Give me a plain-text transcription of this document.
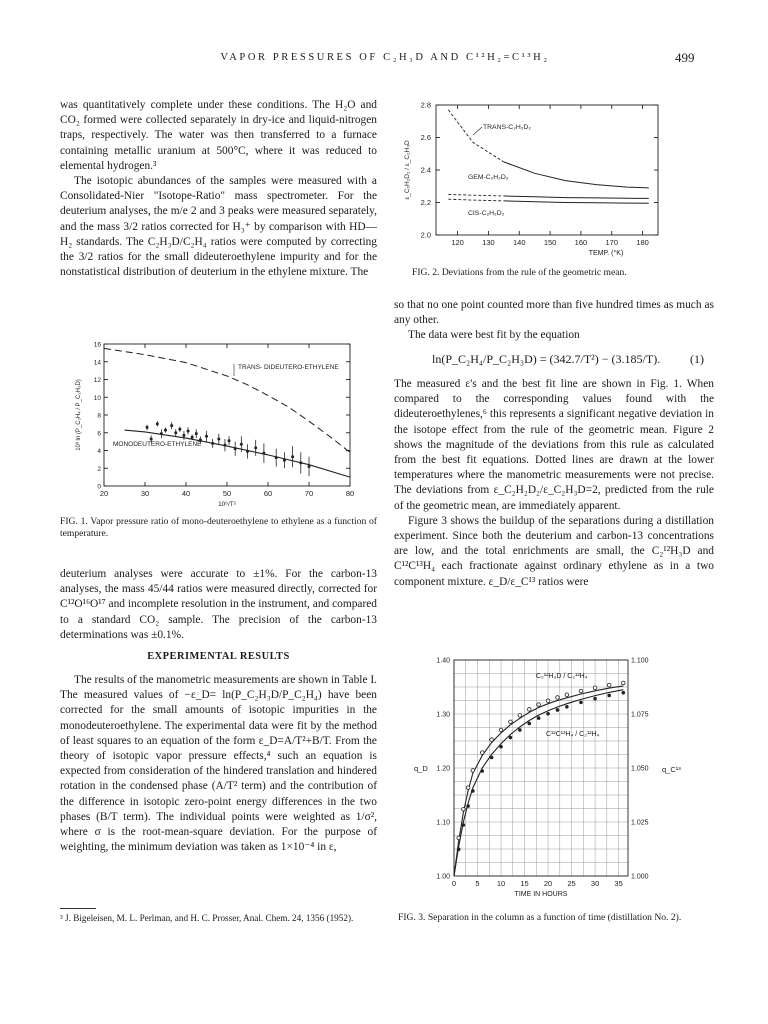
VAPOR PRESSURES OF C₂H₃D AND C¹²H₂=C¹³H₂	499

was quantitatively complete under these conditions. The H₂O and CO₂ formed were collected separately in dry-ice and liquid-nitrogen traps, respectively. The water was then transferred to a furnace containing metallic uranium at 500°C, where it was reduced to elemental hydrogen.³

The isotopic abundances of the samples were measured with a Consolidated-Nier "Isotope-Ratio" mass spectrometer. For the deuterium analyses, the m/e 2 and 3 peaks were measured separately, and the mass 3/2 ratios corrected for H₃⁺ by comparison with HD—H₂ standards. The C₂H₃D/C₂H₄ ratios were computed by correcting the 3/2 ratios for the small dideuteroethylene impurity and for the nonstatistical distribution of deuterium in the ethylene mixture. The

20	30	40	50	60	70	80
0
2
4
6
8
10
12
14
16
10⁶/T²
10³ ln (P_C₂H₄ / P_C₂H₃D)
TRANS- DIDEUTERO-ETHYLENE
MONODEUTERO-ETHYLENE
FIG. 1. Vapor pressure ratio of mono-deuteroethylene to ethylene as a function of temperature.

deuterium analyses were accurate to ±1%. For the carbon-13 analyses, the mass 45/44 ratios were measured directly, corrected for C¹²O¹⁶O¹⁷ and incomplete resolution in the instrument, and compared to a standard CO₂ sample. The precision of the carbon-13 determinations was ±0.1%.

EXPERIMENTAL RESULTS

The results of the manometric measurements are shown in Table I. The measured values of −ε_D= ln(P_C₂H₃D/P_C₂H₄) have been corrected for the small amounts of isotopic impurities in the monodeuteroethylene. The experimental data were fit by the method of least squares to an equation of the form ε_D=A/T²+B/T. From the theory of isotopic vapor pressure effects,⁴ such an equation is expected from consideration of the hindered translation and hindered rotation in the condensed phase (A/T² term) and the contribution of the difference in isotopic zero-point energy differences in the two phases (B/T term). The individual points were weighted as 1/σ², where σ is the root-mean-square deviation. For the purpose of weighting, the minimum deviation was taken as 1×10⁻⁴ in ε,

³ J. Bigeleisen, M. L. Perlman, and H. C. Prosser, Anal. Chem. 24, 1356 (1952).
120 130 140 150 160 170 180
2.0
2.2
2.4
2.6
2.8
TEMP. (°K)
ε_C₂H₂D₂ / ε_C₂H₃D
TRANS-C₂H₂D₂
GEM-C₂H₂D₂
CIS-C₂H₂D₂
FIG. 2. Deviations from the rule of the geometric mean.

so that no one point counted more than five hundred times as much as any other.

The data were best fit by the equation

ln(P_C₂H₄/P_C₂H₃D) = (342.7/T²) − (3.185/T). (1)

The measured ε's and the best fit line are shown in Fig. 1. When compared to the corresponding values found with the dideuteroethylenes,⁶ this represents a significant negative deviation in the isotope effect from the rule of the geometric mean. Figure 2 shows the magnitude of the deviations from this rule as calculated from the best fit equations. Dotted lines are drawn at the lower temperatures where the manometric measurements were not precise. The deviations from ε_C₂H₂D₂/ε_C₂H₃D=2, predicted from the rule of the geometric mean, are immediately apparent.

Figure 3 shows the buildup of the separations during a distillation experiment. Since both the deuterium and carbon-13 concentrations are low, and the total enrichments are small, the C₂¹²H₃D and C¹²C¹³H₄ each fractionate against ordinary ethylene as in a two component mixture. ε_D/ε_C¹³ ratios were

0	5 10 15 20 25 30 35
1.00
1.10
1.20
1.30
1.40
1.000
1.025
1.050
1.075
1.100
TIME IN HOURS
q_D	q_C¹³
C₂¹²H₃D / C₂¹²H₄
C¹²C¹³H₄ / C₂¹²H₄
FIG. 3. Separation in the column as a function of time (distillation No. 2).
